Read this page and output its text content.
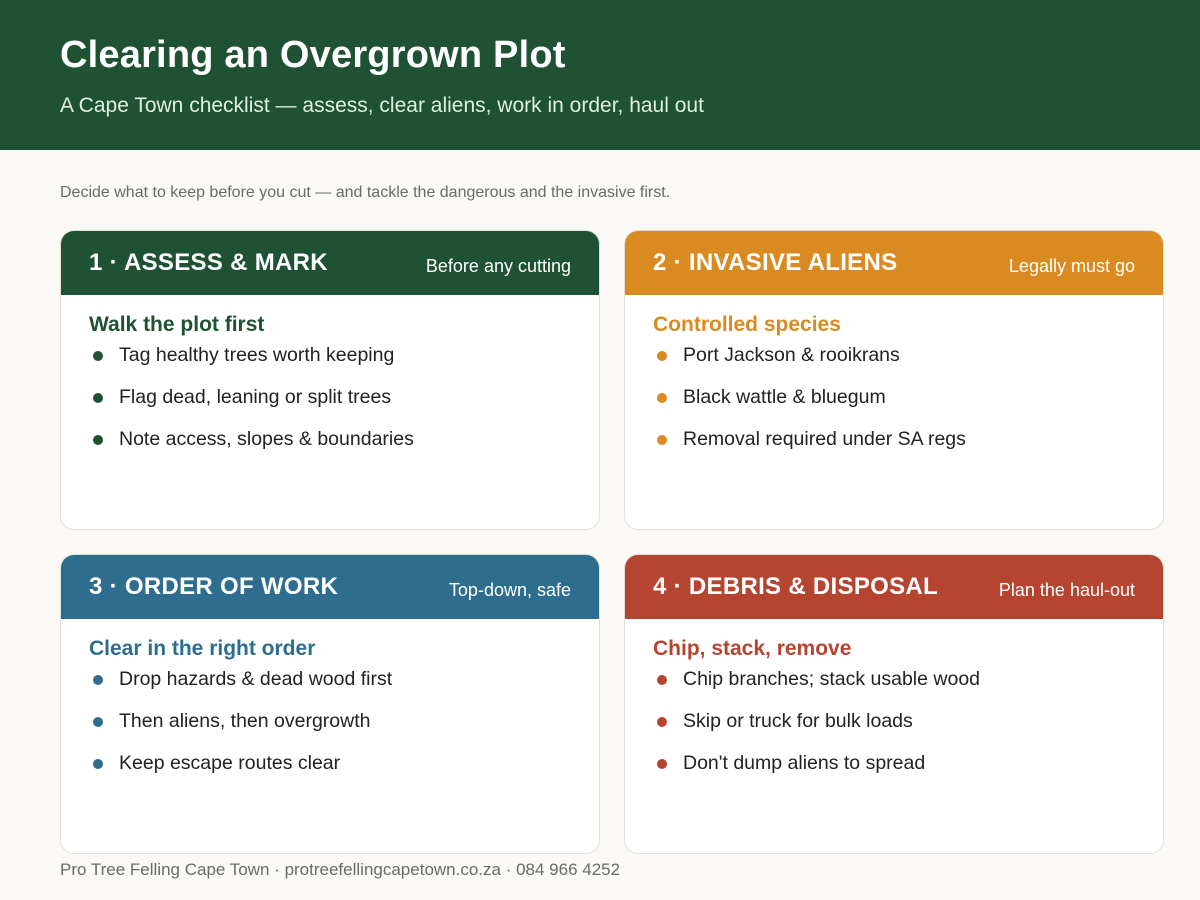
Clearing an Overgrown Plot
A Cape Town checklist — assess, clear aliens, work in order, haul out
Decide what to keep before you cut — and tackle the dangerous and the invasive first.
1 · ASSESS & MARK	Before any cutting
Walk the plot first
Tag healthy trees worth keeping
Flag dead, leaning or split trees
Note access, slopes & boundaries
2 · INVASIVE ALIENS	Legally must go
Controlled species
Port Jackson & rooikrans
Black wattle & bluegum
Removal required under SA regs
3 · ORDER OF WORK	Top-down, safe
Clear in the right order
Drop hazards & dead wood first
Then aliens, then overgrowth
Keep escape routes clear
4 · DEBRIS & DISPOSAL	Plan the haul-out
Chip, stack, remove
Chip branches; stack usable wood
Skip or truck for bulk loads
Don't dump aliens to spread
Pro Tree Felling Cape Town · protreefellingcapetown.co.za · 084 966 4252
